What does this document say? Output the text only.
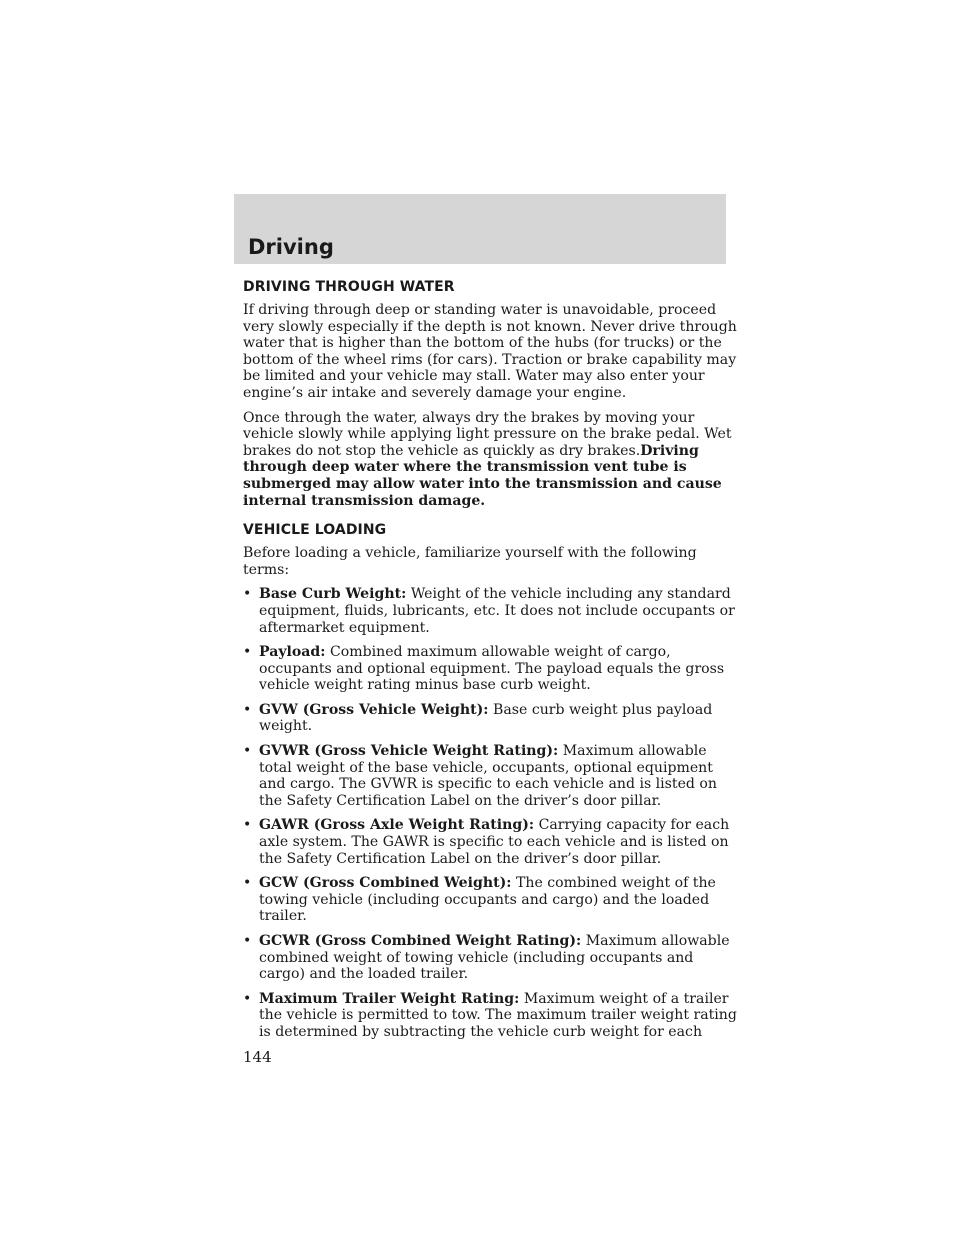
Driving
DRIVING THROUGH WATER

If driving through deep or standing water is unavoidable, proceed very slowly especially if the depth is not known. Never drive through water that is higher than the bottom of the hubs (for trucks) or the bottom of the wheel rims (for cars). Traction or brake capability may be limited and your vehicle may stall. Water may also enter your engine’s air intake and severely damage your engine.

Once through the water, always dry the brakes by moving your vehicle slowly while applying light pressure on the brake pedal. Wet brakes do not stop the vehicle as quickly as dry brakes.Driving through deep water where the transmission vent tube is submerged may allow water into the transmission and cause internal transmission damage.

VEHICLE LOADING

Before loading a vehicle, familiarize yourself with the following terms:

• Base Curb Weight: Weight of the vehicle including any standard equipment, fluids, lubricants, etc. It does not include occupants or aftermarket equipment.
• Payload: Combined maximum allowable weight of cargo, occupants and optional equipment. The payload equals the gross vehicle weight rating minus base curb weight.
• GVW (Gross Vehicle Weight): Base curb weight plus payload weight.
• GVWR (Gross Vehicle Weight Rating): Maximum allowable total weight of the base vehicle, occupants, optional equipment and cargo. The GVWR is specific to each vehicle and is listed on the Safety Certification Label on the driver’s door pillar.
• GAWR (Gross Axle Weight Rating): Carrying capacity for each axle system. The GAWR is specific to each vehicle and is listed on the Safety Certification Label on the driver’s door pillar.
• GCW (Gross Combined Weight): The combined weight of the towing vehicle (including occupants and cargo) and the loaded trailer.
• GCWR (Gross Combined Weight Rating): Maximum allowable combined weight of towing vehicle (including occupants and cargo) and the loaded trailer.
• Maximum Trailer Weight Rating: Maximum weight of a trailer the vehicle is permitted to tow. The maximum trailer weight rating is determined by subtracting the vehicle curb weight for each
144
